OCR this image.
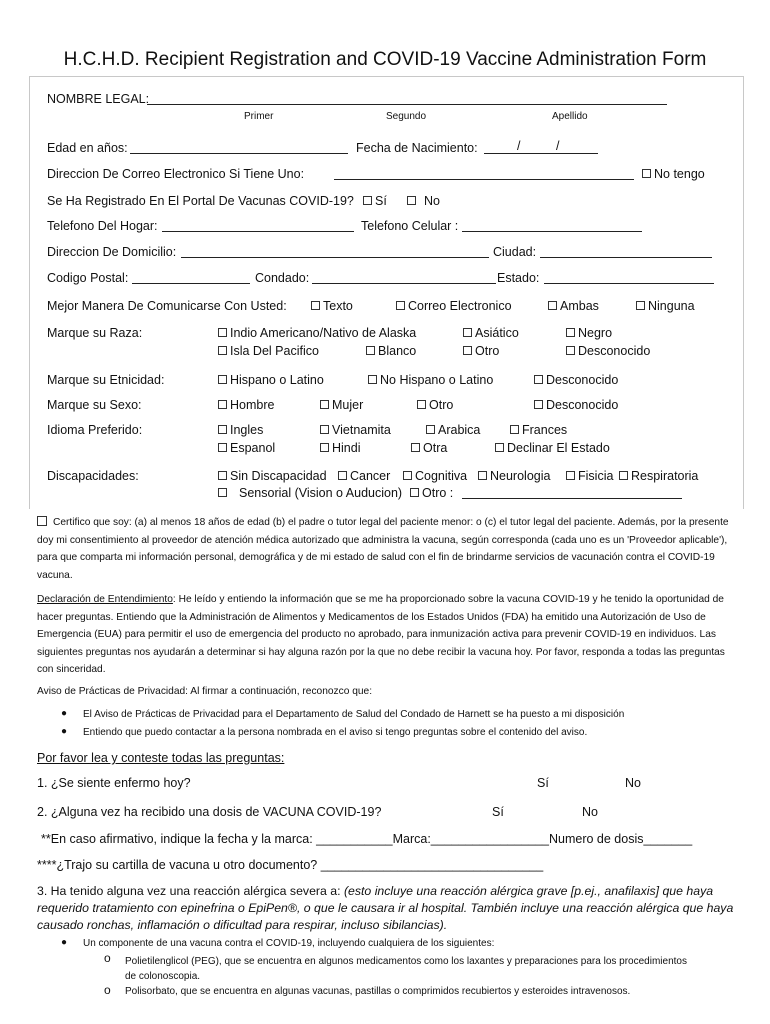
H.C.H.D. Recipient Registration and COVID-19 Vaccine Administration Form
NOMBRE LEGAL:
Primer	Segundo	Apellido
Edad en años:	Fecha de Nacimiento:	/	/
Direccion De Correo Electronico Si Tiene Uno:	No tengo
Se Ha Registrado En El Portal De Vacunas COVID-19?	Sí	No
Telefono Del Hogar:	Telefono Celular :
Direccion De Domicilio:	Ciudad:
Codigo Postal:	Condado:	Estado:
Mejor Manera De Comunicarse Con Usted:	Texto	Correo Electronico	Ambas	Ninguna
Marque su Raza:	Indio Americano/Nativo de Alaska	Asiático	Negro
Isla Del Pacifico	Blanco	Otro	Desconocido
Marque su Etnicidad:	Hispano o Latino	No Hispano o Latino	Desconocido
Marque su Sexo:	Hombre	Mujer	Otro	Desconocido
Idioma Preferido:	Ingles	Vietnamita	Arabica	Frances
Espanol	Hindi	Otra	Declinar El Estado
Discapacidades:	Sin Discapacidad	Cancer	Cognitiva	Neurologia	Fisicia	Respiratoria
Sensorial (Vision o Auducion)	Otro :
Certifico que soy: (a) al menos 18 años de edad (b) el padre o tutor legal del paciente menor: o (c) el tutor legal del paciente. Además, por la presente doy mi consentimiento al proveedor de atención médica autorizado que administra la vacuna, según corresponda (cada uno es un 'Proveedor aplicable'), para que comparta mi información personal, demográfica y de mi estado de salud con el fin de brindarme servicios de vacunación contra el COVID-19 vacuna.
Declaración de Entendimiento: He leído y entiendo la información que se me ha proporcionado sobre la vacuna COVID-19 y he tenido la oportunidad de hacer preguntas. Entiendo que la Administración de Alimentos y Medicamentos de los Estados Unidos (FDA) ha emitido una Autorización de Uso de Emergencia (EUA) para permitir el uso de emergencia del producto no aprobado, para inmunización activa para prevenir COVID-19 en individuos. Las siguientes preguntas nos ayudarán a determinar si hay alguna razón por la que no debe recibir la vacuna hoy. Por favor, responda a todas las preguntas con sinceridad.
Aviso de Prácticas de Privacidad: Al firmar a continuación, reconozco que:
● El Aviso de Prácticas de Privacidad para el Departamento de Salud del Condado de Harnett se ha puesto a mi disposición
● Entiendo que puedo contactar a la persona nombrada en el aviso si tengo preguntas sobre el contenido del aviso.
Por favor lea y conteste todas las preguntas:
1. ¿Se siente enfermo hoy?	Sí	No
2. ¿Alguna vez ha recibido una dosis de VACUNA COVID-19?	Sí	No
**En caso afirmativo, indique la fecha y la marca: ___________Marca:_________________Numero de dosis_______
****¿Trajo su cartilla de vacuna u otro documento? ________________________________
3. Ha tenido alguna vez una reacción alérgica severa a: (esto incluye una reacción alérgica grave [p.ej., anafilaxis] que haya requerido tratamiento con epinefrina o EpiPen®, o que le causara ir al hospital. También incluye una reacción alérgica que haya causado ronchas, inflamación o dificultad para respirar, incluso sibilancias).
● Un componente de una vacuna contra el COVID-19, incluyendo cualquiera de los siguientes:
o Polietilenglicol (PEG), que se encuentra en algunos medicamentos como los laxantes y preparaciones para los procedimientos de colonoscopia.
o Polisorbato, que se encuentra en algunas vacunas, pastillas o comprimidos recubiertos y esteroides intravenosos.
